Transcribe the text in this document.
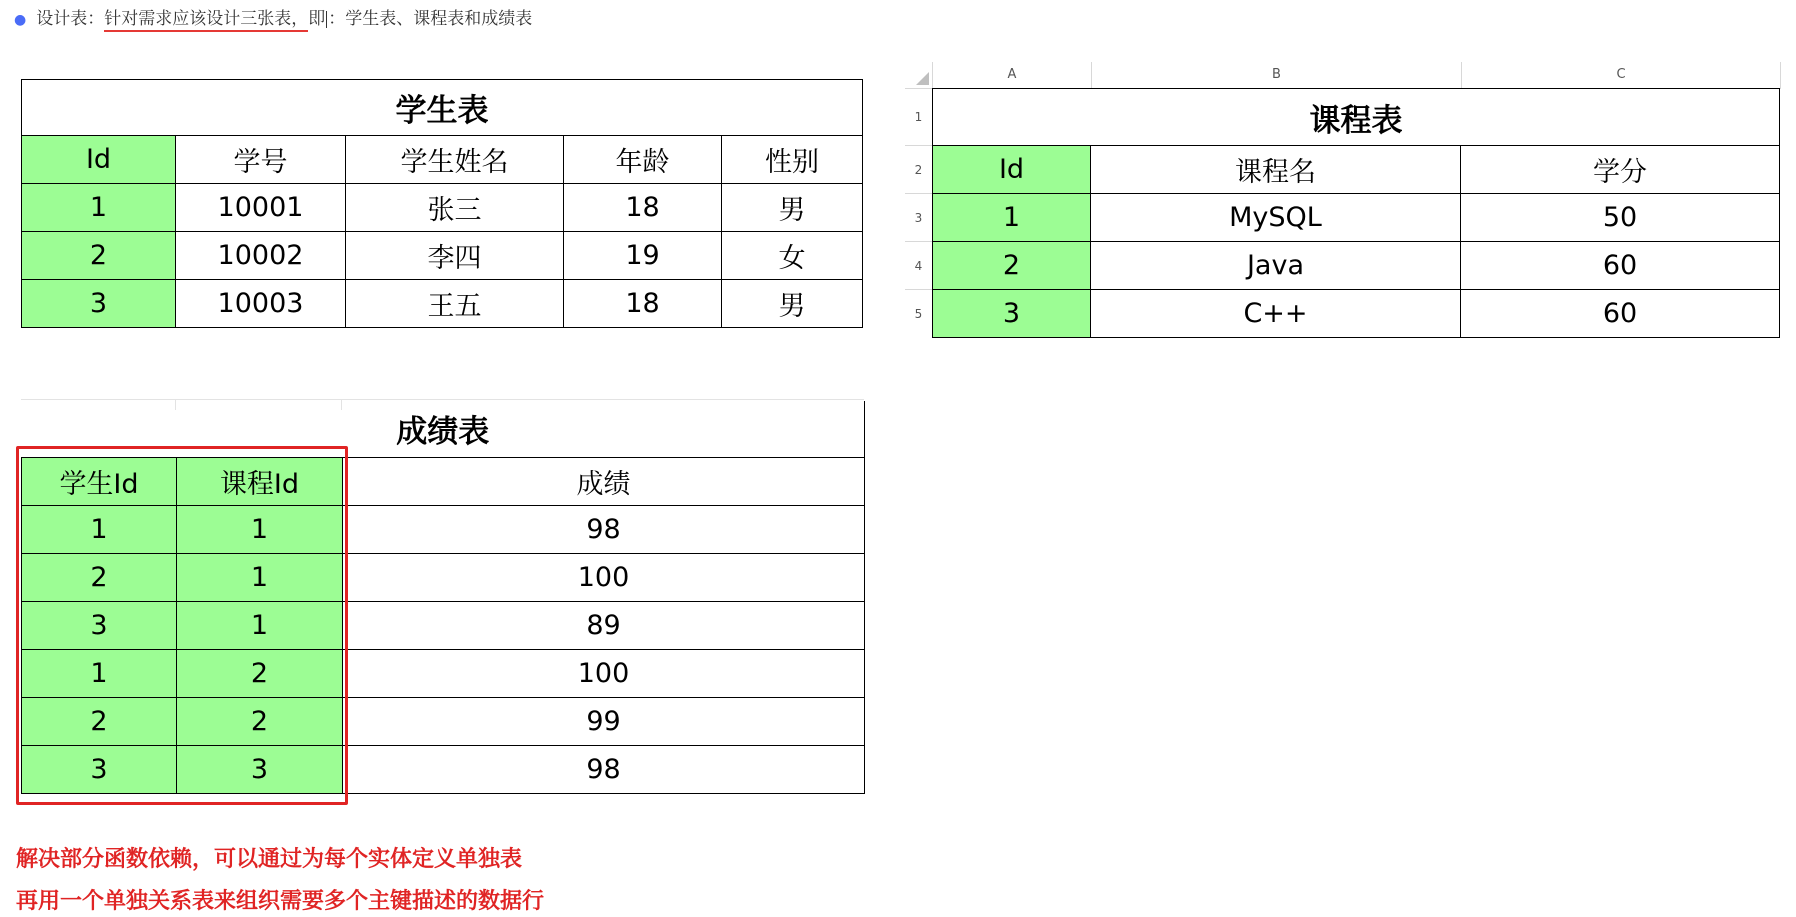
● 设计表：针对需求应该设计三张表，即 ：学生表、课程表和成绩表
学生表				
Id	学号	学生姓名	年龄	性别
1	10001	张三	18	男
2	10002	李四	19	女
3	10003	王五	18	男
A	B	C
1
2
3
4
5
课程表		
Id	课程名	学分
1	MySQL	50
2	Java	60
3	C++	60
成绩表		
学生Id	课程Id	成绩
1	1	98
2	1	100
3	1	89
1	2	100
2	2	99
3	3	98
解决部分函数依赖，可以通过为每个实体定义单独表
再用一个单独关系表来组织需要多个主键描述的数据行
